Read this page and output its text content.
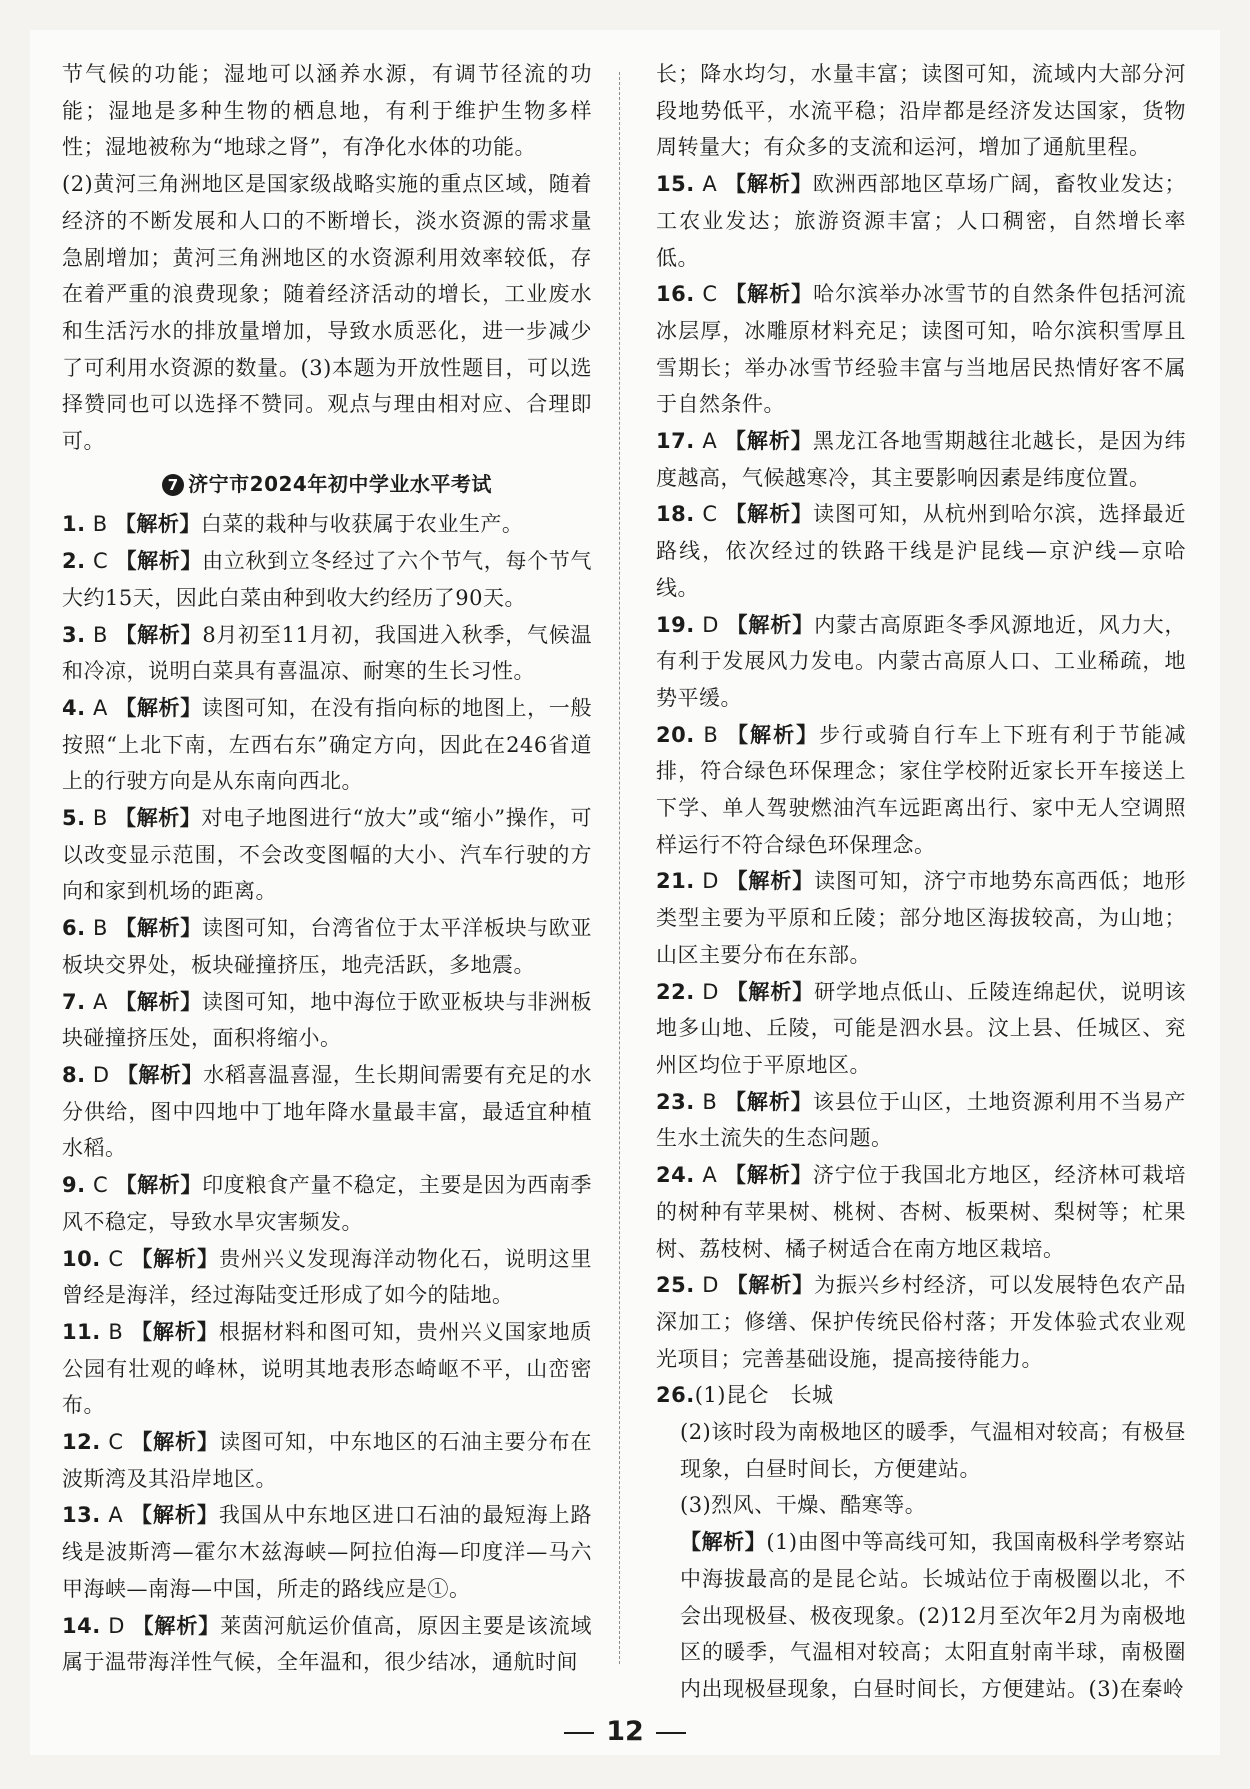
节气候的功能；湿地可以涵养水源，有调节径流的功能；湿地是多种生物的栖息地，有利于维护生物多样性；湿地被称为“地球之肾”，有净化水体的功能。

(2)黄河三角洲地区是国家级战略实施的重点区域，随着经济的不断发展和人口的不断增长，淡水资源的需求量急剧增加；黄河三角洲地区的水资源利用效率较低，存在着严重的浪费现象；随着经济活动的增长，工业废水和生活污水的排放量增加，导致水质恶化，进一步减少了可利用水资源的数量。(3)本题为开放性题目，可以选择赞同也可以选择不赞同。观点与理由相对应、合理即可。

7 济宁市2024年初中学业水平考试

1. B 【解析】白菜的栽种与收获属于农业生产。

2. C 【解析】由立秋到立冬经过了六个节气，每个节气大约15天，因此白菜由种到收大约经历了90天。

3. B 【解析】8月初至11月初，我国进入秋季，气候温和冷凉，说明白菜具有喜温凉、耐寒的生长习性。

4. A 【解析】读图可知，在没有指向标的地图上，一般按照“上北下南，左西右东”确定方向，因此在246省道上的行驶方向是从东南向西北。

5. B 【解析】对电子地图进行“放大”或“缩小”操作，可以改变显示范围，不会改变图幅的大小、汽车行驶的方向和家到机场的距离。

6. B 【解析】读图可知，台湾省位于太平洋板块与欧亚板块交界处，板块碰撞挤压，地壳活跃，多地震。

7. A 【解析】读图可知，地中海位于欧亚板块与非洲板块碰撞挤压处，面积将缩小。

8. D 【解析】水稻喜温喜湿，生长期间需要有充足的水分供给，图中四地中丁地年降水量最丰富，最适宜种植水稻。

9. C 【解析】印度粮食产量不稳定，主要是因为西南季风不稳定，导致水旱灾害频发。

10. C 【解析】贵州兴义发现海洋动物化石，说明这里曾经是海洋，经过海陆变迁形成了如今的陆地。

11. B 【解析】根据材料和图可知，贵州兴义国家地质公园有壮观的峰林，说明其地表形态崎岖不平，山峦密布。

12. C 【解析】读图可知，中东地区的石油主要分布在波斯湾及其沿岸地区。

13. A 【解析】我国从中东地区进口石油的最短海上路线是波斯湾—霍尔木兹海峡—阿拉伯海—印度洋—马六甲海峡—南海—中国，所走的路线应是①。

14. D 【解析】莱茵河航运价值高，原因主要是该流域属于温带海洋性气候，全年温和，很少结冰，通航时间

长；降水均匀，水量丰富；读图可知，流域内大部分河段地势低平，水流平稳；沿岸都是经济发达国家，货物周转量大；有众多的支流和运河，增加了通航里程。

15. A 【解析】欧洲西部地区草场广阔，畜牧业发达；工农业发达；旅游资源丰富；人口稠密，自然增长率低。

16. C 【解析】哈尔滨举办冰雪节的自然条件包括河流冰层厚，冰雕原材料充足；读图可知，哈尔滨积雪厚且雪期长；举办冰雪节经验丰富与当地居民热情好客不属于自然条件。

17. A 【解析】黑龙江各地雪期越往北越长，是因为纬度越高，气候越寒冷，其主要影响因素是纬度位置。

18. C 【解析】读图可知，从杭州到哈尔滨，选择最近路线，依次经过的铁路干线是沪昆线—京沪线—京哈线。

19. D 【解析】内蒙古高原距冬季风源地近，风力大，有利于发展风力发电。内蒙古高原人口、工业稀疏，地势平缓。

20. B 【解析】步行或骑自行车上下班有利于节能减排，符合绿色环保理念；家住学校附近家长开车接送上下学、单人驾驶燃油汽车远距离出行、家中无人空调照样运行不符合绿色环保理念。

21. D 【解析】读图可知，济宁市地势东高西低；地形类型主要为平原和丘陵；部分地区海拔较高，为山地；山区主要分布在东部。

22. D 【解析】研学地点低山、丘陵连绵起伏，说明该地多山地、丘陵，可能是泗水县。汶上县、任城区、兖州区均位于平原地区。

23. B 【解析】该县位于山区，土地资源利用不当易产生水土流失的生态问题。

24. A 【解析】济宁位于我国北方地区，经济林可栽培的树种有苹果树、桃树、杏树、板栗树、梨树等；杧果树、荔枝树、橘子树适合在南方地区栽培。

25. D 【解析】为振兴乡村经济，可以发展特色农产品深加工；修缮、保护传统民俗村落；开发体验式农业观光项目；完善基础设施，提高接待能力。

26.(1)昆仑　长城

(2)该时段为南极地区的暖季，气温相对较高；有极昼现象，白昼时间长，方便建站。

(3)烈风、干燥、酷寒等。

【解析】(1)由图中等高线可知，我国南极科学考察站中海拔最高的是昆仑站。长城站位于南极圈以北，不会出现极昼、极夜现象。(2)12月至次年2月为南极地区的暖季，气温相对较高；太阳直射南半球，南极圈内出现极昼现象，白昼时间长，方便建站。(3)在秦岭

12
